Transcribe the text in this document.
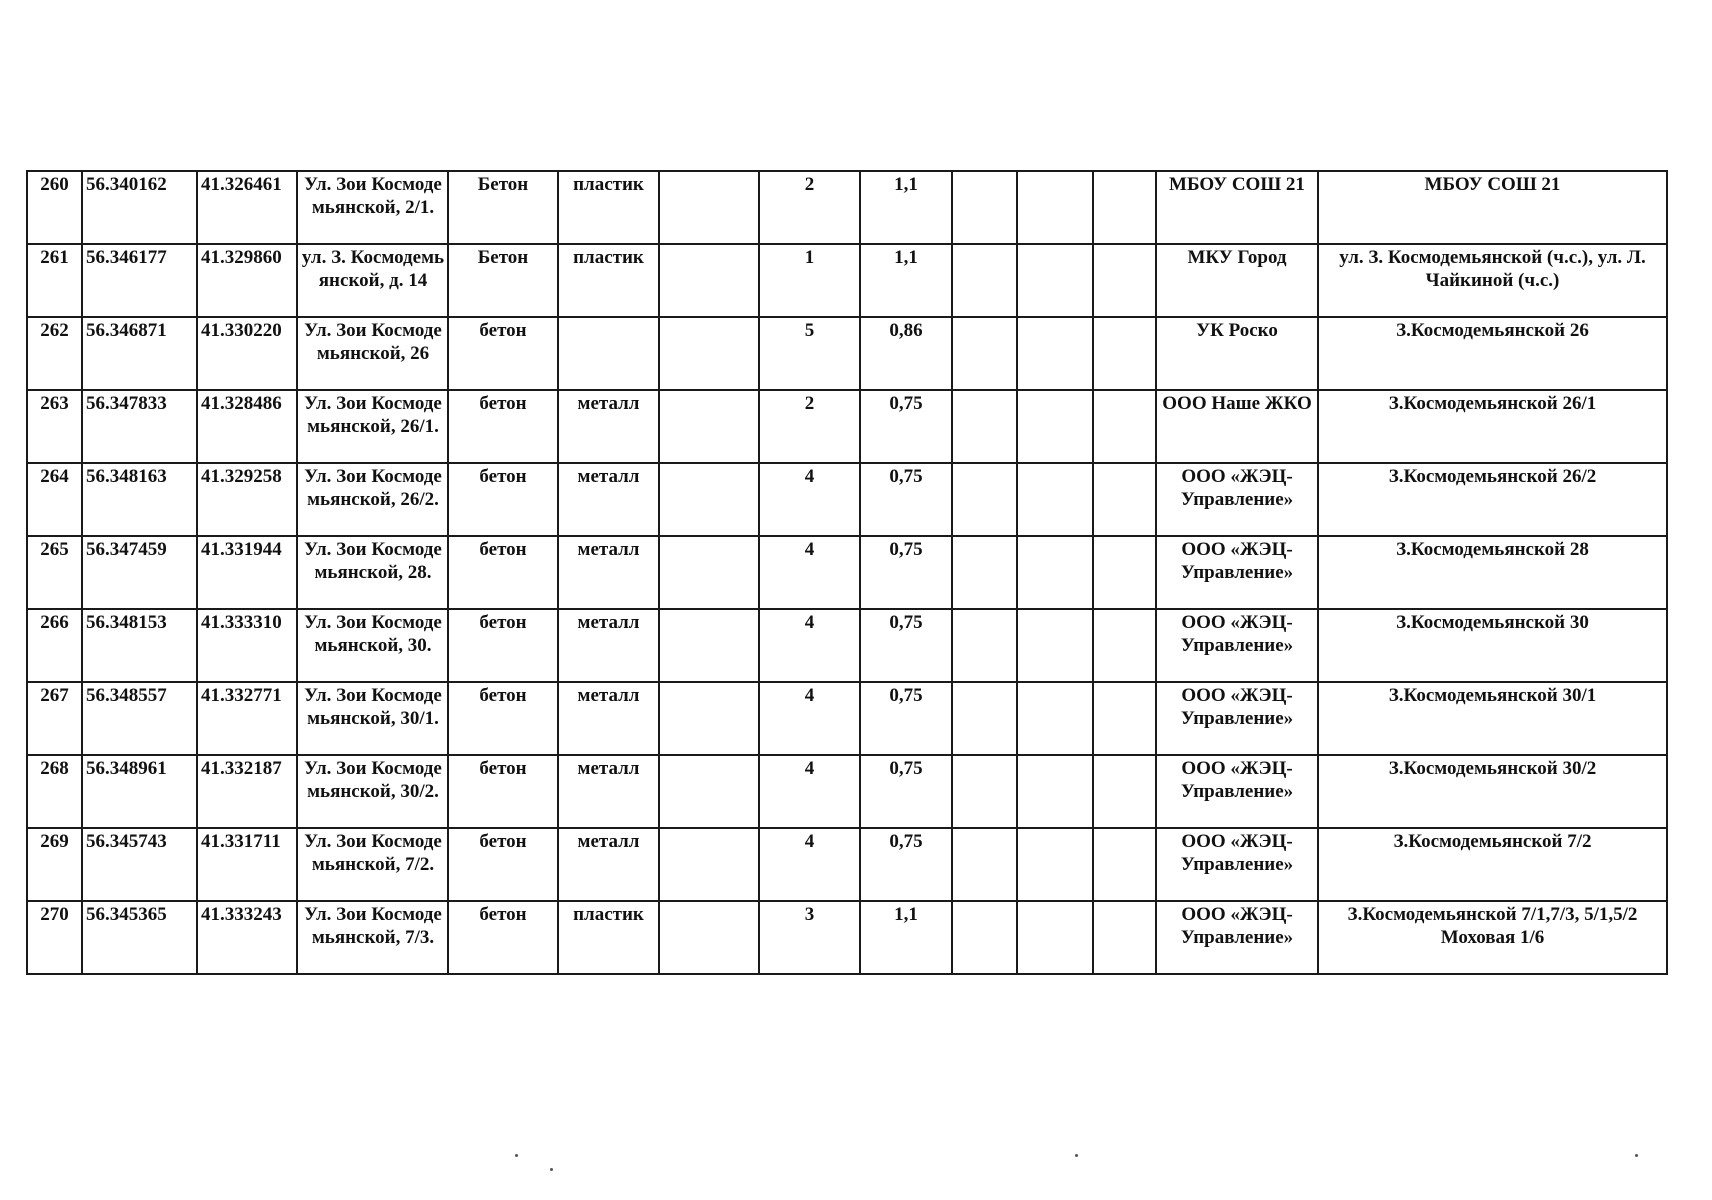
260	56.340162	41.326461	Ул. Зои Космодемьянской, 2/1.	Бетон	пластик		2	1,1				МБОУ СОШ 21	МБОУ СОШ 21
261	56.346177	41.329860	ул. З. Космодемьянской, д. 14	Бетон	пластик		1	1,1				МКУ Город	ул. З. Космодемьянской (ч.с.), ул. Л. Чайкиной (ч.с.)
262	56.346871	41.330220	Ул. Зои Космодемьянской, 26	бетон			5	0,86				УК Роско	З.Космодемьянской 26
263	56.347833	41.328486	Ул. Зои Космодемьянской, 26/1.	бетон	металл		2	0,75				ООО Наше ЖКО	З.Космодемьянской 26/1
264	56.348163	41.329258	Ул. Зои Космодемьянской, 26/2.	бетон	металл		4	0,75				ООО «ЖЭЦ-Управление»	З.Космодемьянской 26/2
265	56.347459	41.331944	Ул. Зои Космодемьянской, 28.	бетон	металл		4	0,75				ООО «ЖЭЦ-Управление»	З.Космодемьянской 28
266	56.348153	41.333310	Ул. Зои Космодемьянской, 30.	бетон	металл		4	0,75				ООО «ЖЭЦ-Управление»	З.Космодемьянской 30
267	56.348557	41.332771	Ул. Зои Космодемьянской, 30/1.	бетон	металл		4	0,75				ООО «ЖЭЦ-Управление»	З.Космодемьянской 30/1
268	56.348961	41.332187	Ул. Зои Космодемьянской, 30/2.	бетон	металл		4	0,75				ООО «ЖЭЦ-Управление»	З.Космодемьянской 30/2
269	56.345743	41.331711	Ул. Зои Космодемьянской, 7/2.	бетон	металл		4	0,75				ООО «ЖЭЦ-Управление»	З.Космодемьянской 7/2
270	56.345365	41.333243	Ул. Зои Космодемьянской, 7/3.	бетон	пластик		3	1,1				ООО «ЖЭЦ-Управление»	З.Космодемьянской 7/1,7/3, 5/1,5/2 Моховая 1/6
